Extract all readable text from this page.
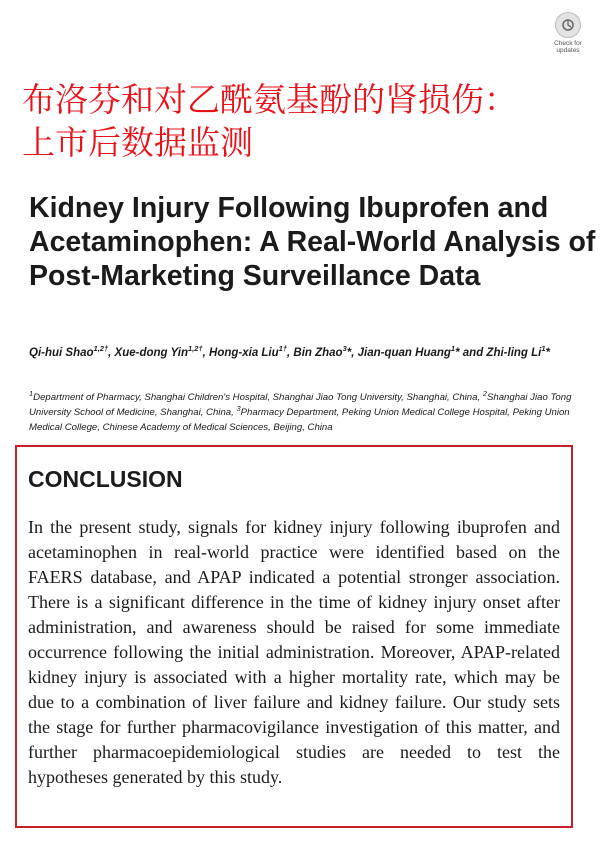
Check for
updates
布洛芬和对乙酰氨基酚的肾损伤：
上市后数据监测
Kidney Injury Following Ibuprofen and Acetaminophen: A Real-World Analysis of Post-Marketing Surveillance Data

Qi-hui Shao$^{1,2\dagger}$, Xue-dong Yin$^{1,2\dagger}$, Hong-xia Liu$^{1\dagger}$, Bin Zhao$^3$*, Jian-quan Huang$^1$* and Zhi-ling Li$^1$*

$^1$Department of Pharmacy, Shanghai Children's Hospital, Shanghai Jiao Tong University, Shanghai, China, $^2$Shanghai Jiao Tong University School of Medicine, Shanghai, China, $^3$Pharmacy Department, Peking Union Medical College Hospital, Peking Union Medical College, Chinese Academy of Medical Sciences, Beijing, China

CONCLUSION

In the present study, signals for kidney injury following ibuprofen and acetaminophen in real-world practice were identified based on the FAERS database, and APAP indicated a potential stronger association. There is a significant difference in the time of kidney injury onset after administration, and awareness should be raised for some immediate occurrence following the initial administration. Moreover, APAP-related kidney injury is associated with a higher mortality rate, which may be due to a combination of liver failure and kidney failure. Our study sets the stage for further pharmacovigilance investigation of this matter, and further pharmacoepidemiological studies are needed to test the hypotheses generated by this study.
